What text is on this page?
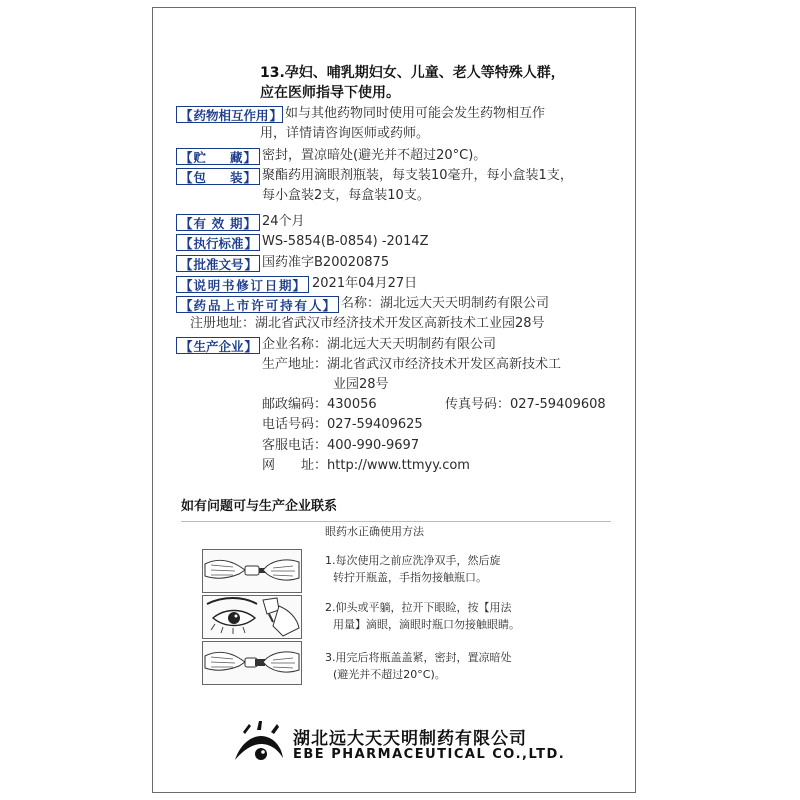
13.孕妇、哺乳期妇女、儿童、老人等特殊人群，
应在医师指导下使用。
【 药物相互作用 】 如与其他药物同时使用可能会发生药物相互作
用，详情请咨询医师或药师。
【 贮藏 】 密封，置凉暗处(避光并不超过20°C)。
【 包装 】 聚酯药用滴眼剂瓶装，每支装10毫升，每小盒装1支，
每小盒装2支，每盒装10支。
【 有效期 】 24个月
【 执行标准 】 WS-5854(B-0854) -2014Z
【 批准文号 】 国药准字B20020875
【 说明书修订日期 】 2021年04月27日
【 药品上市许可持有人 】 名称：湖北远大天天明制药有限公司
注册地址：湖北省武汉市经济技术开发区高新技术工业园28号
【 生产企业 】 企业名称：湖北远大天天明制药有限公司
生产地址：湖北省武汉市经济技术开发区高新技术工
业园28号
邮政编码：430056	传真号码：027-59409608
电话号码：027-59409625
客服电话：400-990-9697
网　　址：http://www.ttmyy.com
如有问题可与生产企业联系
眼药水正确使用方法
1.每次使用之前应洗净双手，然后旋
转拧开瓶盖，手指勿接触瓶口。
2.仰头或平躺，拉开下眼睑，按【用法
用量】滴眼，滴眼时瓶口勿接触眼睛。
3.用完后将瓶盖盖紧，密封，置凉暗处
(避光并不超过20°C)。
湖北远大天天明制药有限公司
EBE PHARMACEUTICAL CO.,LTD.
